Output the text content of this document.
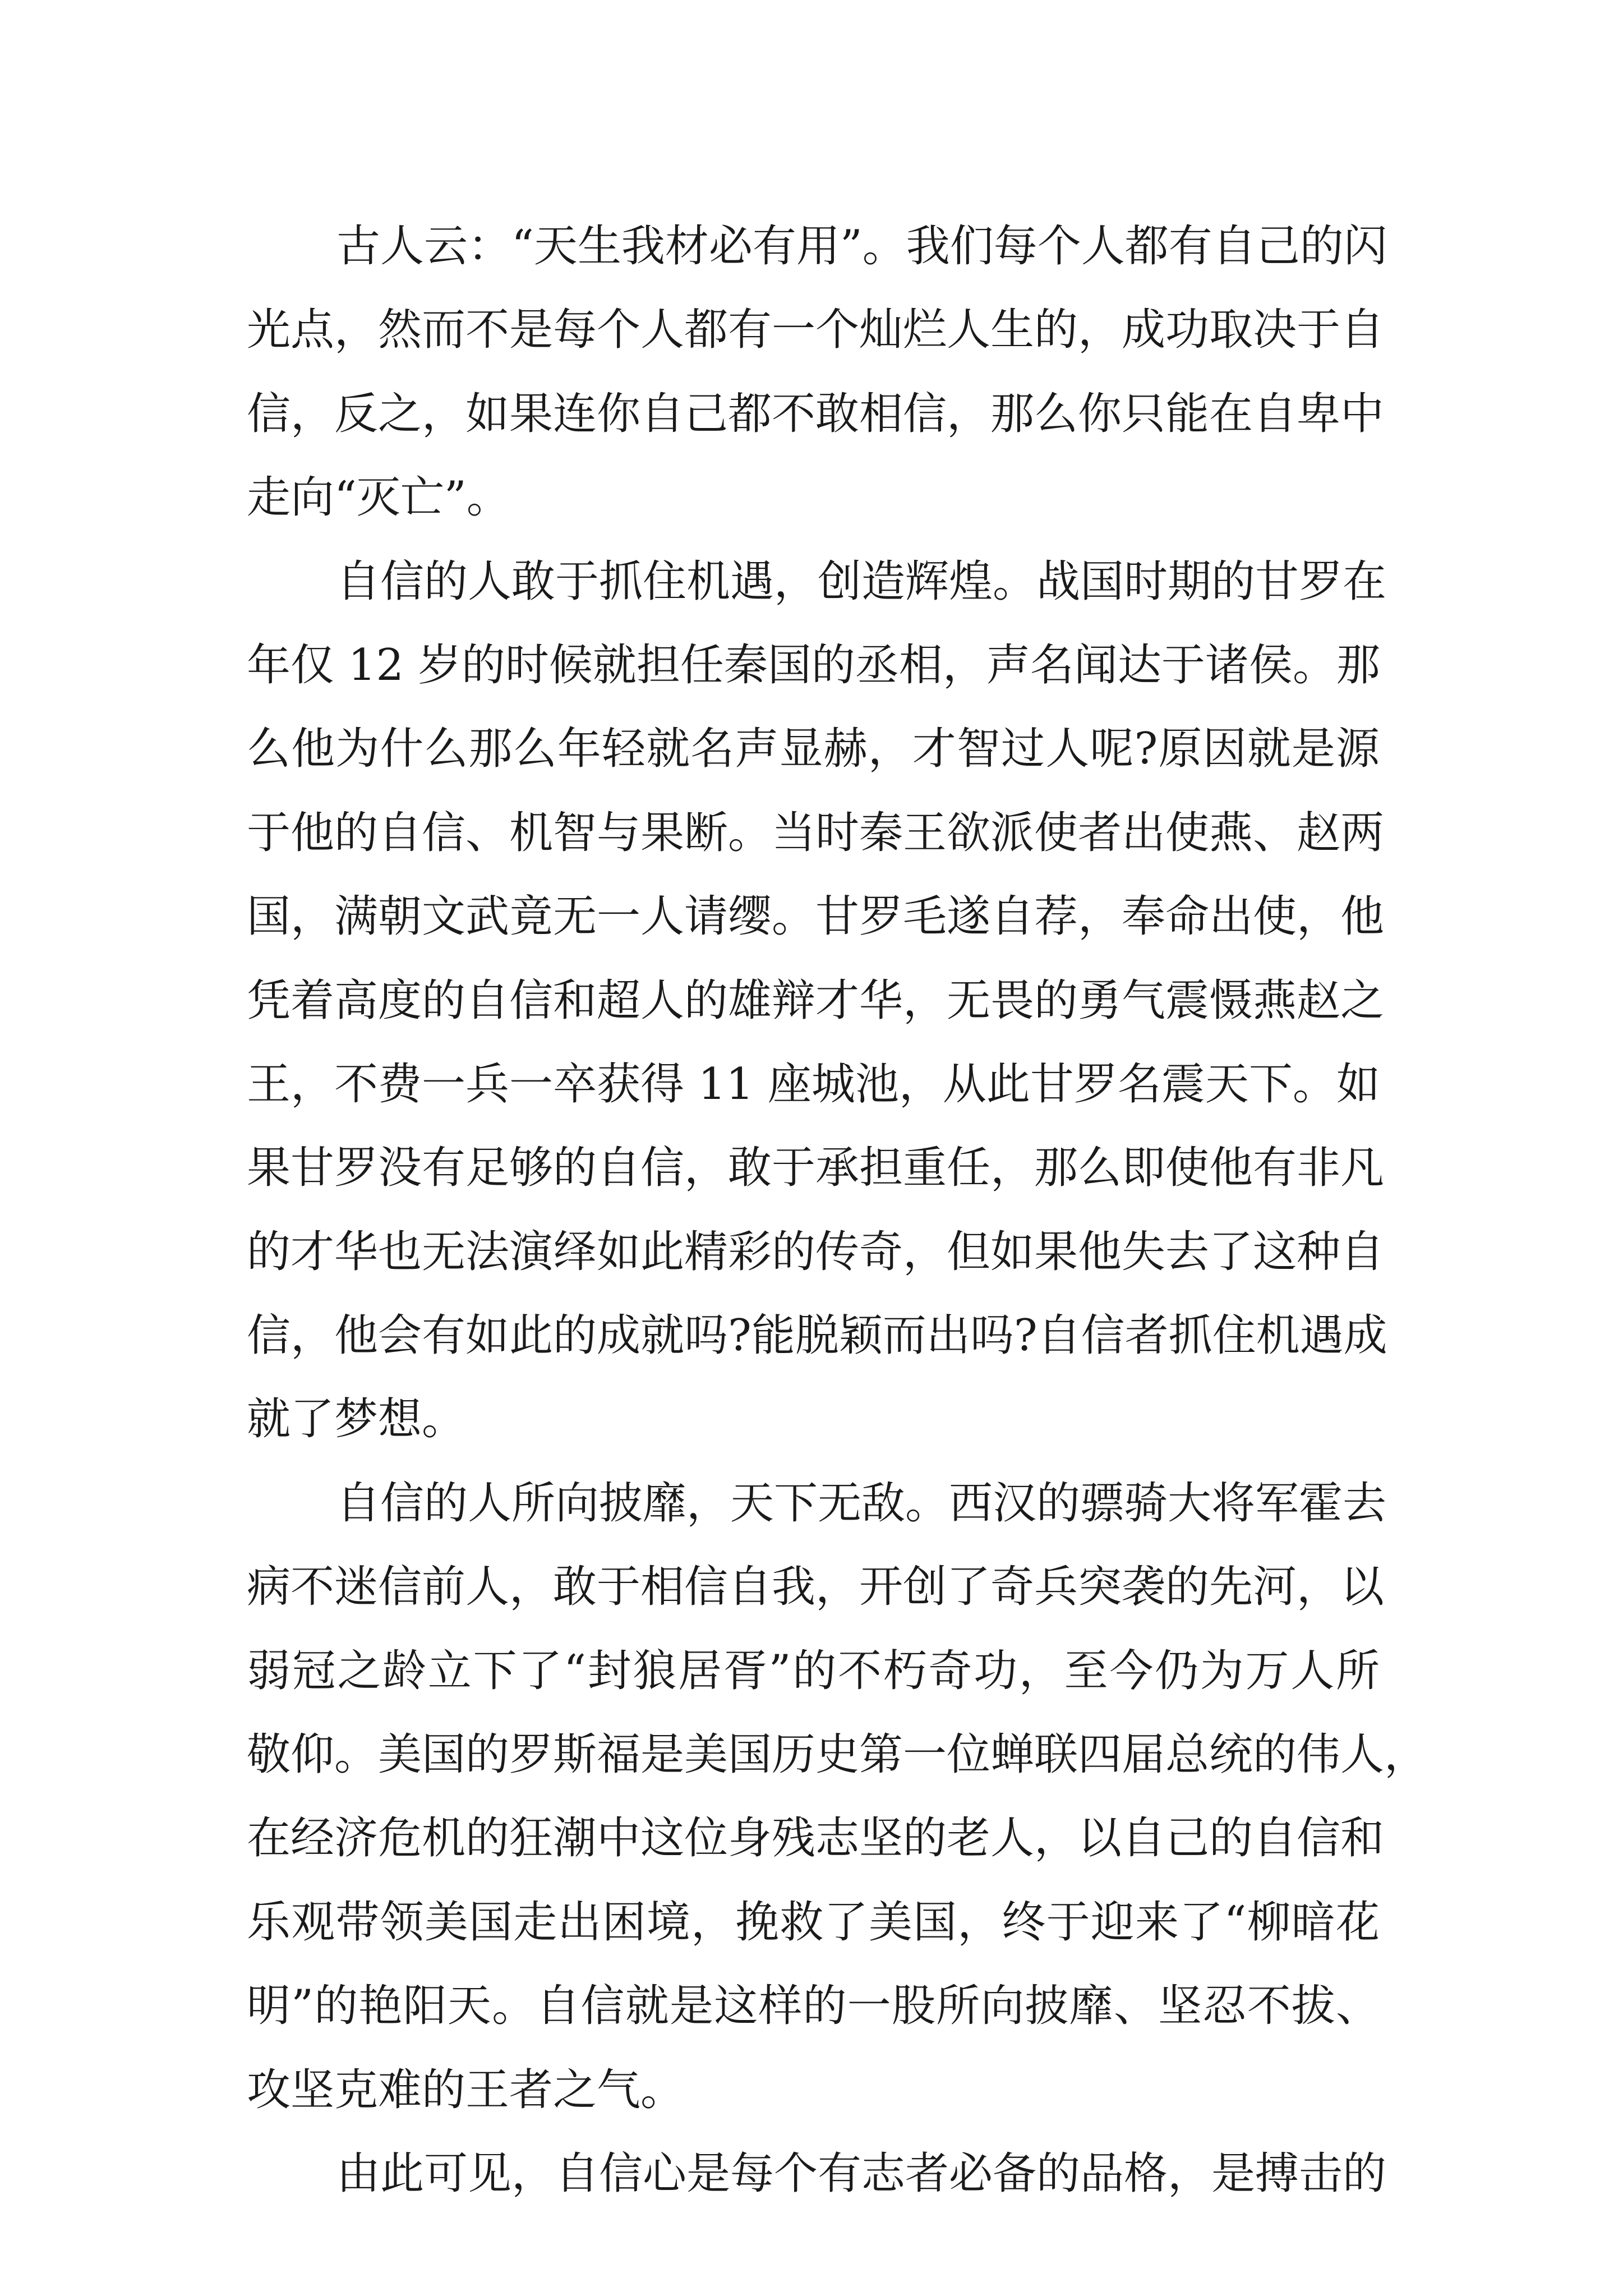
古人云：“天生我材必有用”。我们每个人都有自己的闪
光点，然而不是每个人都有一个灿烂人生的，成功取决于自
信，反之，如果连你自己都不敢相信，那么你只能在自卑中
走向“灭亡”。
自信的人敢于抓住机遇，创造辉煌。战国时期的甘罗在
年仅 12 岁的时候就担任秦国的丞相，声名闻达于诸侯。那
么他为什么那么年轻就名声显赫，才智过人呢?原因就是源
于他的自信、机智与果断。当时秦王欲派使者出使燕、赵两
国，满朝文武竟无一人请缨。甘罗毛遂自荐，奉命出使，他
凭着高度的自信和超人的雄辩才华，无畏的勇气震慑燕赵之
王，不费一兵一卒获得 11 座城池，从此甘罗名震天下。如
果甘罗没有足够的自信，敢于承担重任，那么即使他有非凡
的才华也无法演绎如此精彩的传奇，但如果他失去了这种自
信，他会有如此的成就吗?能脱颖而出吗?自信者抓住机遇成
就了梦想。
自信的人所向披靡，天下无敌。西汉的骠骑大将军霍去
病不迷信前人，敢于相信自我，开创了奇兵突袭的先河，以
弱冠之龄立下了“封狼居胥”的不朽奇功，至今仍为万人所
敬仰。美国的罗斯福是美国历史第一位蝉联四届总统的伟人，
在经济危机的狂潮中这位身残志坚的老人，以自己的自信和
乐观带领美国走出困境，挽救了美国，终于迎来了“柳暗花
明”的艳阳天。自信就是这样的一股所向披靡、坚忍不拔、
攻坚克难的王者之气。
由此可见，自信心是每个有志者必备的品格，是搏击的
